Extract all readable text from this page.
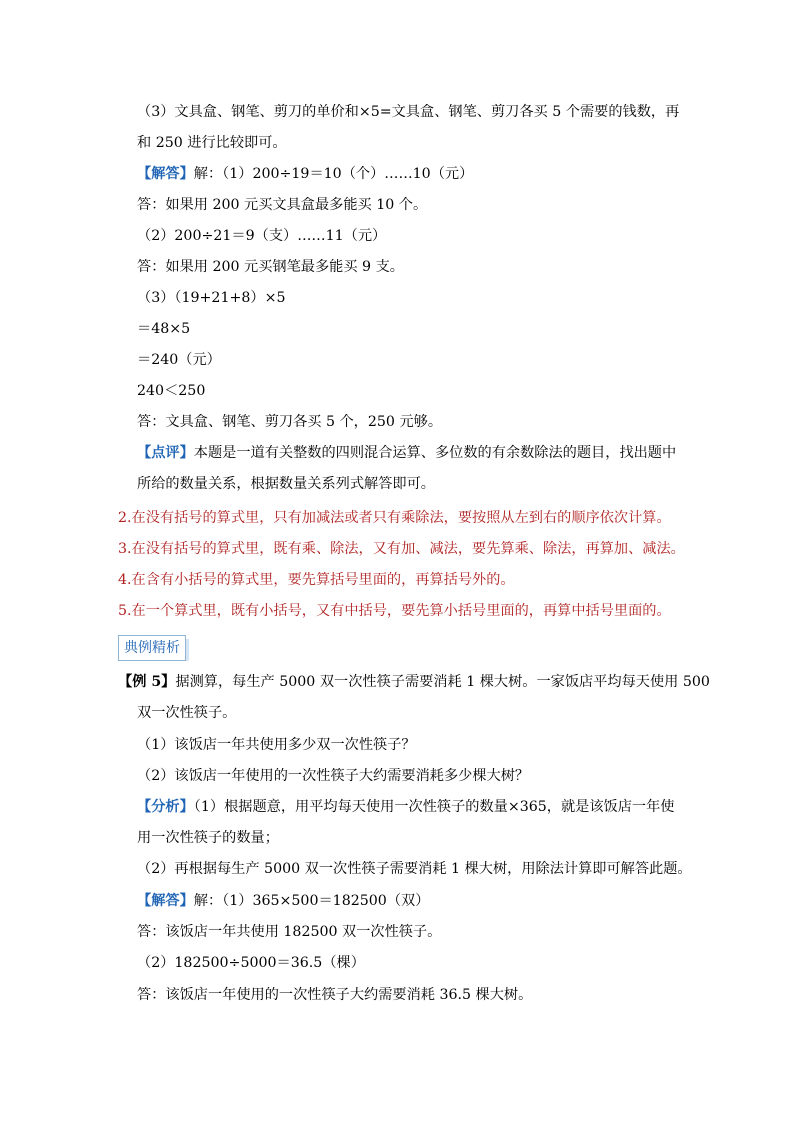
（3）文具盒、钢笔、剪刀的单价和×5=文具盒、钢笔、剪刀各买 5 个需要的钱数，再
和 250 进行比较即可。
【解答】解：（1）200÷19＝10（个）……10（元）
答：如果用 200 元买文具盒最多能买 10 个。
（2）200÷21＝9（支）……11（元）
答：如果用 200 元买钢笔最多能买 9 支。
（3）（19+21+8）×5
＝48×5
＝240（元）
240＜250
答：文具盒、钢笔、剪刀各买 5 个，250 元够。
【点评】本题是一道有关整数的四则混合运算、多位数的有余数除法的题目，找出题中
所给的数量关系，根据数量关系列式解答即可。
2.在没有括号的算式里，只有加减法或者只有乘除法，要按照从左到右的顺序依次计算。
3.在没有括号的算式里，既有乘、除法，又有加、减法，要先算乘、除法，再算加、减法。
4.在含有小括号的算式里，要先算括号里面的，再算括号外的。
5.在一个算式里，既有小括号，又有中括号，要先算小括号里面的，再算中括号里面的。
典例精析
【例 5】据测算，每生产 5000 双一次性筷子需要消耗 1 棵大树。一家饭店平均每天使用 500
双一次性筷子。
（1）该饭店一年共使用多少双一次性筷子？
（2）该饭店一年使用的一次性筷子大约需要消耗多少棵大树？
【分析】（1）根据题意，用平均每天使用一次性筷子的数量×365，就是该饭店一年使
用一次性筷子的数量；
（2）再根据每生产 5000 双一次性筷子需要消耗 1 棵大树，用除法计算即可解答此题。
【解答】解：（1）365×500＝182500（双）
答：该饭店一年共使用 182500 双一次性筷子。
（2）182500÷5000＝36.5（棵）
答：该饭店一年使用的一次性筷子大约需要消耗 36.5 棵大树。
